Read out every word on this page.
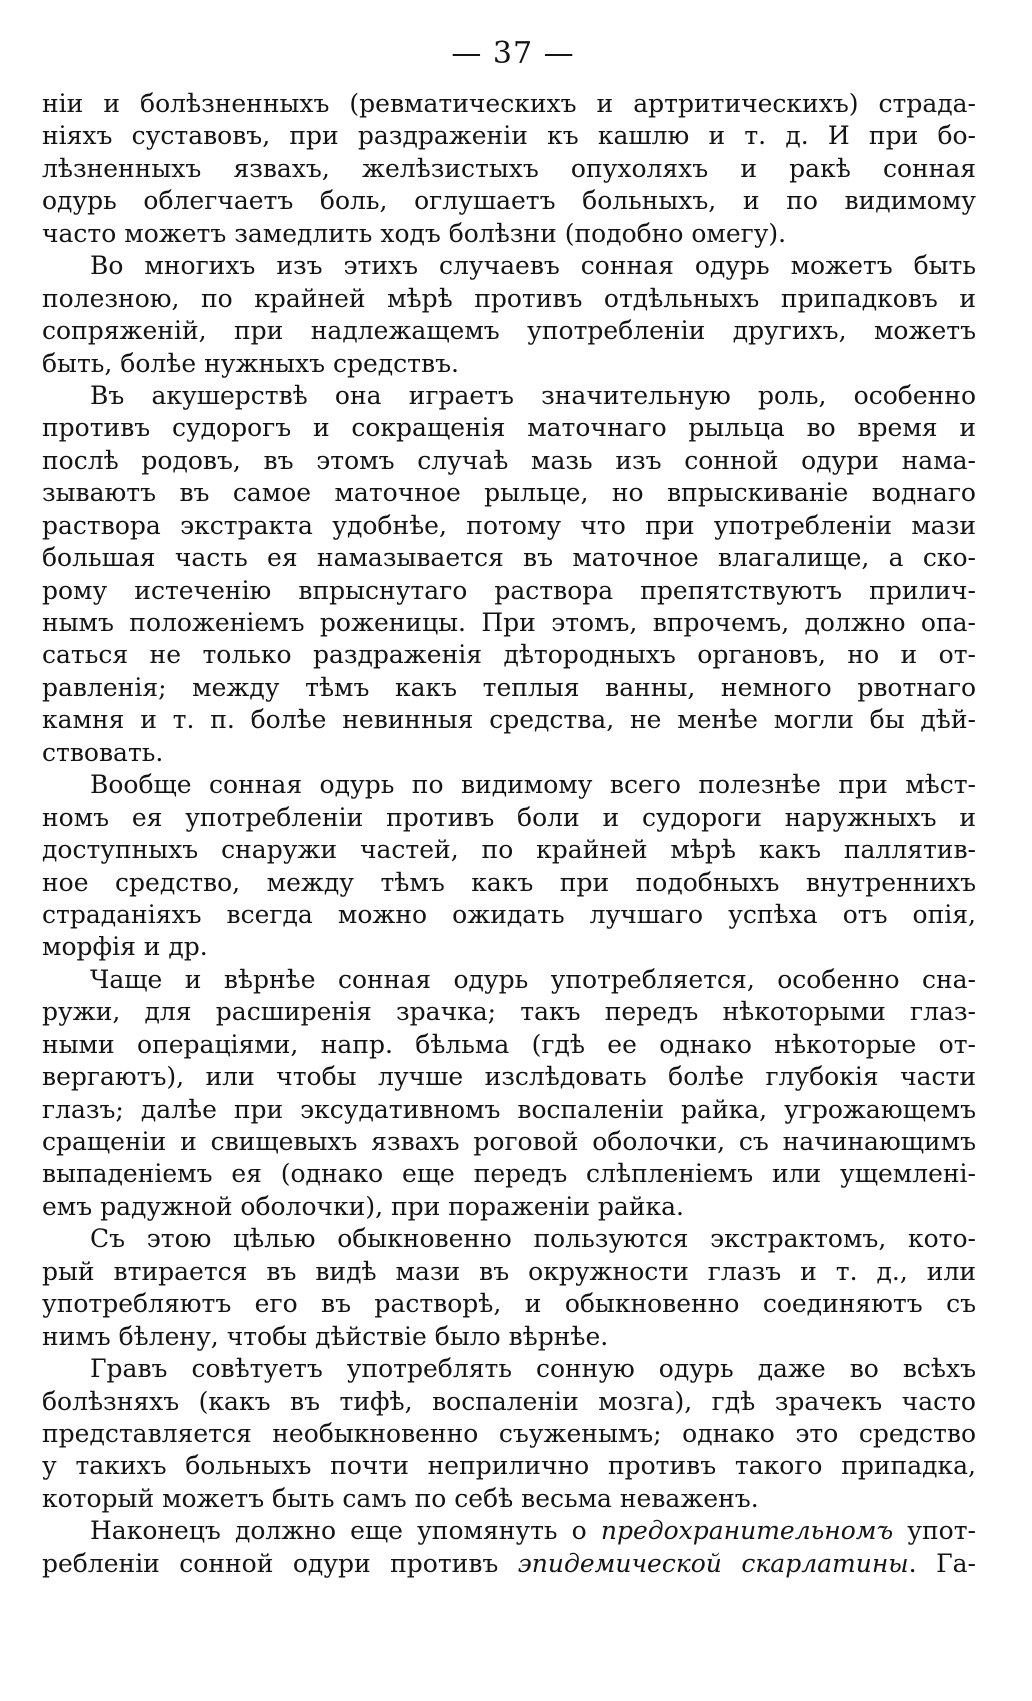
— 37 —
ніи и болѣзненныхъ (ревматическихъ и артритическихъ) страда-
ніяхъ суставовъ, при раздраженіи къ кашлю и т. д. И при бо-
лѣзненныхъ язвахъ, желѣзистыхъ опухоляхъ и ракѣ сонная
одурь облегчаетъ боль, оглушаетъ больныхъ, и по видимому
часто можетъ замедлить ходъ болѣзни (подобно омегу).
Во многихъ изъ этихъ случаевъ сонная одурь можетъ быть
полезною, по крайней мѣрѣ противъ отдѣльныхъ припадковъ и
сопряженій, при надлежащемъ употребленіи другихъ, можетъ
быть, болѣе нужныхъ средствъ.
Въ акушерствѣ она играетъ значительную роль, особенно
противъ судорогъ и сокращенія маточнаго рыльца во время и
послѣ родовъ, въ этомъ случаѣ мазь изъ сонной одури нама-
зываютъ въ самое маточное рыльце, но впрыскиваніе воднаго
раствора экстракта удобнѣе, потому что при употребленіи мази
большая часть ея намазывается въ маточное влагалище, а ско-
рому истеченію впрыснутаго раствора препятствуютъ прилич-
нымъ положеніемъ роженицы. При этомъ, впрочемъ, должно опа-
саться не только раздраженія дѣтородныхъ органовъ, но и от-
равленія; между тѣмъ какъ теплыя ванны, немного рвотнаго
камня и т. п. болѣе невинныя средства, не менѣе могли бы дѣй-
ствовать.
Вообще сонная одурь по видимому всего полезнѣе при мѣст-
номъ ея употребленіи противъ боли и судороги наружныхъ и
доступныхъ снаружи частей, по крайней мѣрѣ какъ паллятив-
ное средство, между тѣмъ какъ при подобныхъ внутреннихъ
страданіяхъ всегда можно ожидать лучшаго успѣха отъ опія,
морфія и др.
Чаще и вѣрнѣе сонная одурь употребляется, особенно сна-
ружи, для расширенія зрачка; такъ передъ нѣкоторыми глаз-
ными операціями, напр. бѣльма (гдѣ ее однако нѣкоторые от-
вергаютъ), или чтобы лучше изслѣдовать болѣе глубокія части
глазъ; далѣе при эксудативномъ воспаленіи райка, угрожающемъ
сращеніи и свищевыхъ язвахъ роговой оболочки, съ начинающимъ
выпаденіемъ ея (однако еще передъ слѣпленіемъ или ущемлені-
емъ радужной оболочки), при пораженіи райка.
Съ этою цѣлью обыкновенно пользуются экстрактомъ, кото-
рый втирается въ видѣ мази въ окружности глазъ и т. д., или
употребляютъ его въ растворѣ, и обыкновенно соединяютъ съ
нимъ бѣлену, чтобы дѣйствіе было вѣрнѣе.
Гравъ совѣтуетъ употреблять сонную одурь даже во всѣхъ
болѣзняхъ (какъ въ тифѣ, воспаленіи мозга), гдѣ зрачекъ часто
представляется необыкновенно съуженымъ; однако это средство
у такихъ больныхъ почти неприлично противъ такого припадка,
который можетъ быть самъ по себѣ весьма неваженъ.
Наконецъ должно еще упомянуть о предохранительномъ упот-
ребленіи сонной одури противъ эпидемической скарлатины. Га-
